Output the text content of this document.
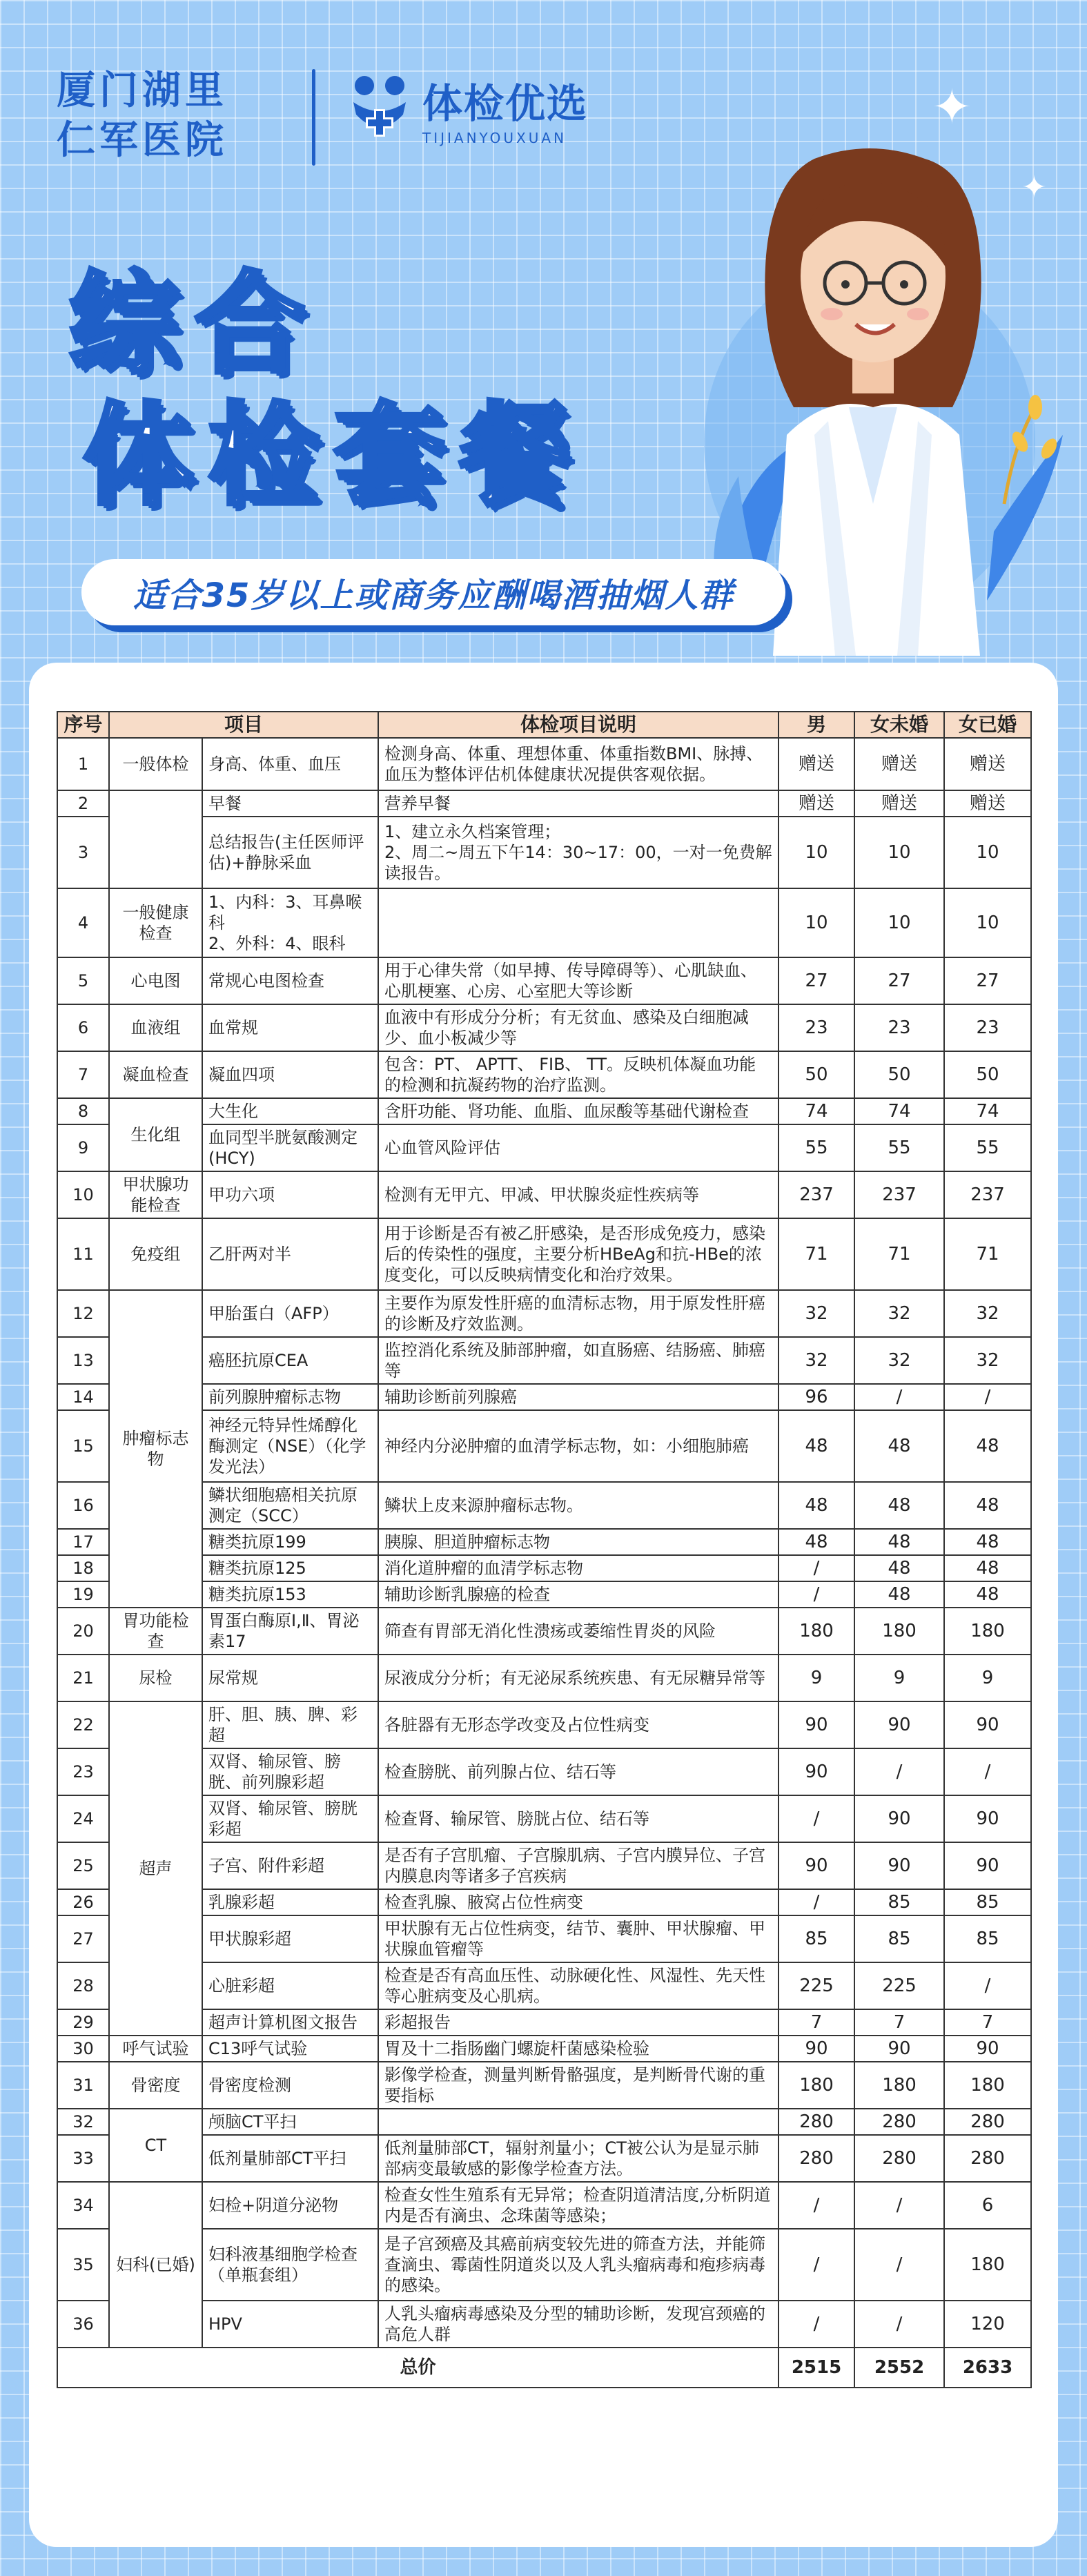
厦门湖里
仁军医院
体检优选
TIJIANYOUXUAN
✦
✦
综合
体检套餐
适合35岁以上或商务应酬喝酒抽烟人群
序号	项目		体检项目说明	男	女未婚	女已婚
1	一般体检	身高、体重、血压	检测身高、体重、理想体重、体重指数BMI、脉搏、血压为整体评估机体健康状况提供客观依据。	赠送	赠送	赠送
2		早餐	营养早餐	赠送	赠送	赠送
3		总结报告(主任医师评估)+静脉采血	1、建立永久档案管理；
2、周二~周五下午14：30~17：00，一对一免费解读报告。	10	10	10
4	一般健康检查	1、内科：3、耳鼻喉科
2、外科：4、眼科		10	10	10
5	心电图	常规心电图检查	用于心律失常（如早搏、传导障碍等）、心肌缺血、心肌梗塞、心房、心室肥大等诊断	27	27	27
6	血液组	血常规	血液中有形成分分析；有无贫血、感染及白细胞减少、血小板减少等	23	23	23
7	凝血检查	凝血四项	包含：PT、 APTT、 FIB、 TT。反映机体凝血功能的检测和抗凝药物的治疗监测。	50	50	50
8	生化组	大生化	含肝功能、肾功能、血脂、血尿酸等基础代谢检查	74	74	74
9		血同型半胱氨酸测定(HCY)	心血管风险评估	55	55	55
10	甲状腺功能检查	甲功六项	检测有无甲亢、甲减、甲状腺炎症性疾病等	237	237	237
11	免疫组	乙肝两对半	用于诊断是否有被乙肝感染，是否形成免疫力，感染后的传染性的强度，主要分析HBeAg和抗-HBe的浓度变化，可以反映病情变化和治疗效果。	71	71	71
12	肿瘤标志物	甲胎蛋白（AFP）	主要作为原发性肝癌的血清标志物，用于原发性肝癌的诊断及疗效监测。	32	32	32
13		癌胚抗原CEA	监控消化系统及肺部肿瘤，如直肠癌、结肠癌、肺癌等	32	32	32
14		前列腺肿瘤标志物	辅助诊断前列腺癌	96	/	/
15		神经元特异性烯醇化酶测定（NSE）（化学发光法）	神经内分泌肿瘤的血清学标志物，如：小细胞肺癌	48	48	48
16		鳞状细胞癌相关抗原测定（SCC）	鳞状上皮来源肿瘤标志物。	48	48	48
17		糖类抗原199	胰腺、胆道肿瘤标志物	48	48	48
18		糖类抗原125	消化道肿瘤的血清学标志物	/	48	48
19		糖类抗原153	辅助诊断乳腺癌的检查	/	48	48
20	胃功能检查	胃蛋白酶原Ⅰ,Ⅱ、胃泌素17	筛查有胃部无消化性溃疡或萎缩性胃炎的风险	180	180	180
21	尿检	尿常规	尿液成分分析；有无泌尿系统疾患、有无尿糖异常等	9	9	9
22	超声	肝、胆、胰、脾、彩超	各脏器有无形态学改变及占位性病变	90	90	90
23		双肾、输尿管、膀胱、前列腺彩超	检查膀胱、前列腺占位、结石等	90	/	/
24		双肾、输尿管、膀胱彩超	检查肾、输尿管、膀胱占位、结石等	/	90	90
25		子宫、附件彩超	是否有子宫肌瘤、子宫腺肌病、子宫内膜异位、子宫内膜息肉等诸多子宫疾病	90	90	90
26		乳腺彩超	检查乳腺、腋窝占位性病变	/	85	85
27		甲状腺彩超	甲状腺有无占位性病变，结节、囊肿、甲状腺瘤、甲状腺血管瘤等	85	85	85
28		心脏彩超	检查是否有高血压性、动脉硬化性、风湿性、先天性等心脏病变及心肌病。	225	225	/
29		超声计算机图文报告	彩超报告	7	7	7
30	呼气试验	C13呼气试验	胃及十二指肠幽门螺旋杆菌感染检验	90	90	90
31	骨密度	骨密度检测	影像学检查，测量判断骨骼强度，是判断骨代谢的重要指标	180	180	180
32	CT	颅脑CT平扫		280	280	280
33		低剂量肺部CT平扫	低剂量肺部CT，辐射剂量小；CT被公认为是显示肺部病变最敏感的影像学检查方法。	280	280	280
34	妇科(已婚)	妇检+阴道分泌物	检查女性生殖系有无异常；检查阴道清洁度,分析阴道内是否有滴虫、念珠菌等感染；	/	/	6
35		妇科液基细胞学检查（单瓶套组）	是子宫颈癌及其癌前病变较先进的筛查方法，并能筛查滴虫、霉菌性阴道炎以及人乳头瘤病毒和疱疹病毒的感染。	/	/	180
36		HPV	人乳头瘤病毒感染及分型的辅助诊断，发现宫颈癌的高危人群	/	/	120
总价				2515	2552	2633
